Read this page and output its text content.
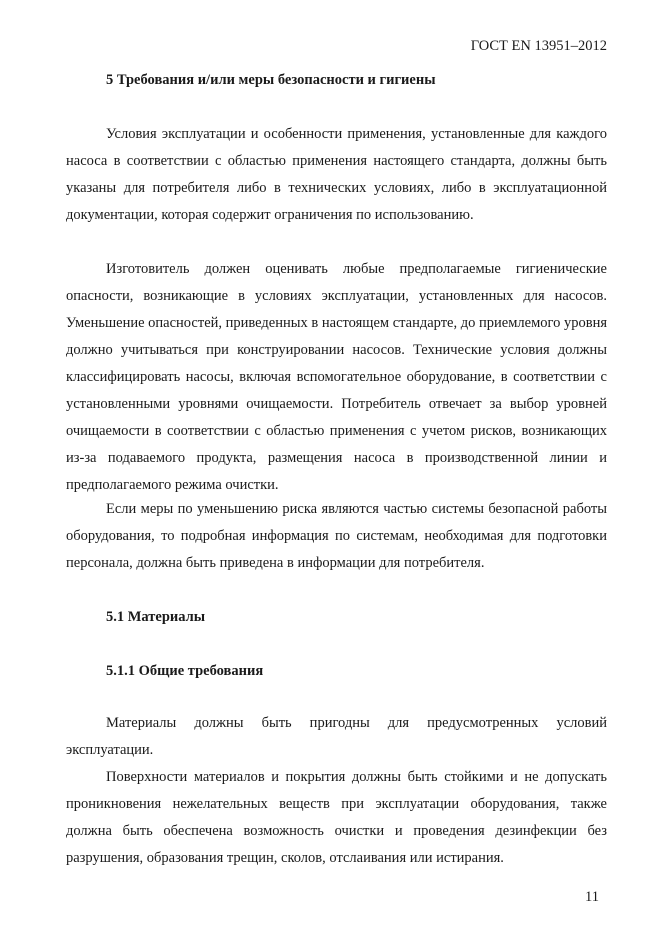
ГОСТ EN 13951–2012
5 Требования и/или меры безопасности и гигиены

Условия эксплуатации и особенности применения, установленные для каждого насоса в соответствии с областью применения настоящего стандарта, должны быть указаны для потребителя либо в технических условиях, либо в эксплуатационной документации, которая содержит ограничения по использованию.

Изготовитель должен оценивать любые предполагаемые гигиенические опасности, возникающие в условиях эксплуатации, установленных для насосов. Уменьшение опасностей, приведенных в настоящем стандарте, до приемлемого уровня должно учитываться при конструировании насосов. Технические условия должны классифицировать насосы, включая вспомогательное оборудование, в соответствии с установленными уровнями очищаемости. Потребитель отвечает за выбор уровней очищаемости в соответствии с областью применения с учетом рисков, возникающих из-за подаваемого продукта, размещения насоса в производственной линии и предполагаемого режима очистки.

Если меры по уменьшению риска являются частью системы безопасной работы оборудования, то подробная информация по системам, необходимая для подготовки персонала, должна быть приведена в информации для потребителя.

5.1 Материалы
5.1.1 Общие требования

Материалы должны быть пригодны для предусмотренных условий эксплуатации.

Поверхности материалов и покрытия должны быть стойкими и не допускать проникновения нежелательных веществ при эксплуатации оборудования, также должна быть обеспечена возможность очистки и проведения дезинфекции без разрушения, образования трещин, сколов, отслаивания или истирания.

11
